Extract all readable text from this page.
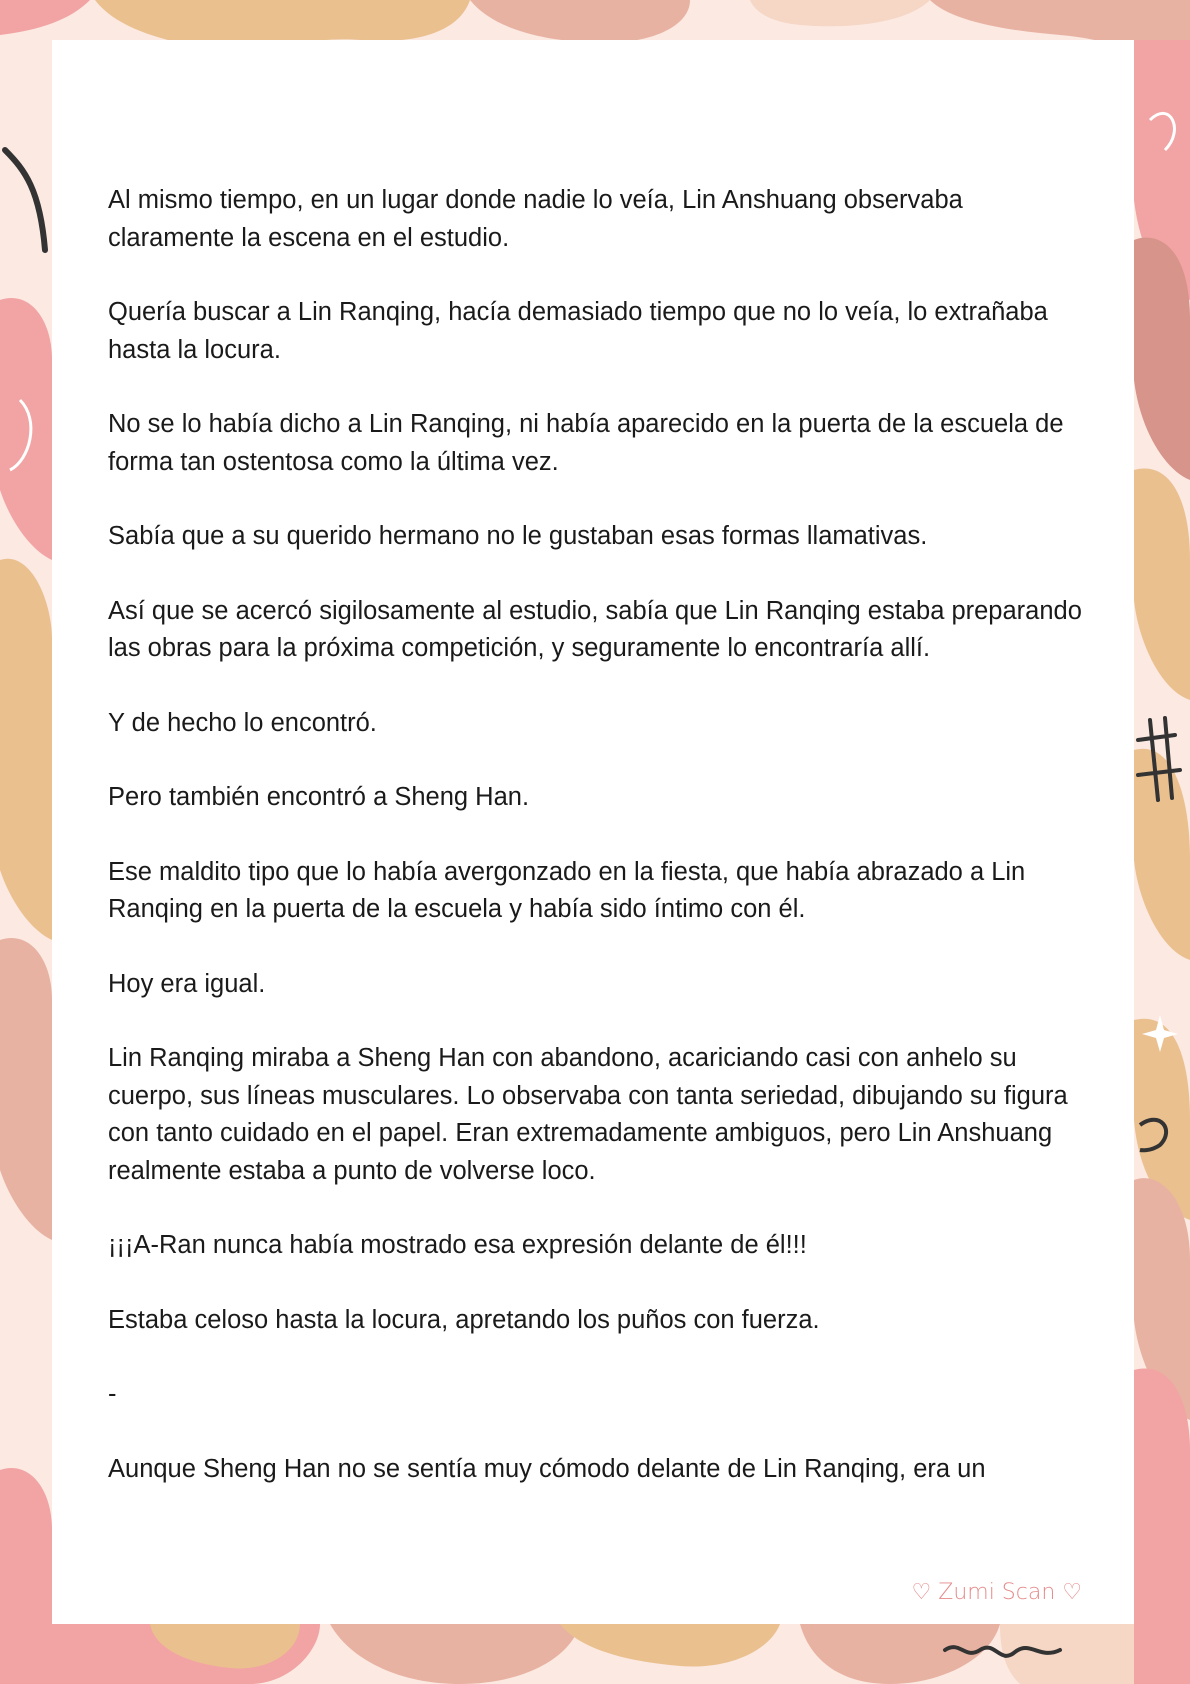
Al mismo tiempo, en un lugar donde nadie lo veía, Lin Anshuang observaba claramente la escena en el estudio.

Quería buscar a Lin Ranqing, hacía demasiado tiempo que no lo veía, lo extrañaba hasta la locura.

No se lo había dicho a Lin Ranqing, ni había aparecido en la puerta de la escuela de forma tan ostentosa como la última vez.

Sabía que a su querido hermano no le gustaban esas formas llamativas.

Así que se acercó sigilosamente al estudio, sabía que Lin Ranqing estaba preparando las obras para la próxima competición, y seguramente lo encontraría allí.

Y de hecho lo encontró.

Pero también encontró a Sheng Han.

Ese maldito tipo que lo había avergonzado en la fiesta, que había abrazado a Lin Ranqing en la puerta de la escuela y había sido íntimo con él.

Hoy era igual.

Lin Ranqing miraba a Sheng Han con abandono, acariciando casi con anhelo su cuerpo, sus líneas musculares. Lo observaba con tanta seriedad, dibujando su figura con tanto cuidado en el papel. Eran extremadamente ambiguos, pero Lin Anshuang realmente estaba a punto de volverse loco.

¡¡¡A-Ran nunca había mostrado esa expresión delante de él!!!

Estaba celoso hasta la locura, apretando los puños con fuerza.

-

Aunque Sheng Han no se sentía muy cómodo delante de Lin Ranqing, era un

♡ Zumi Scan ♡
